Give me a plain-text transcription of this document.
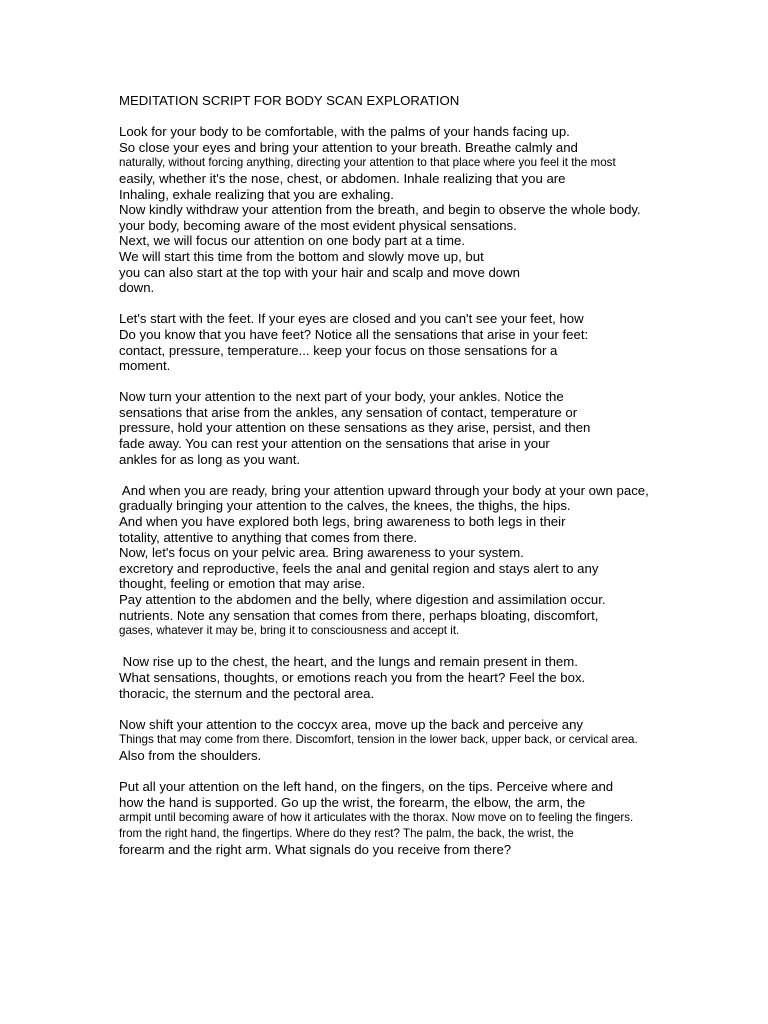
MEDITATION SCRIPT FOR BODY SCAN EXPLORATION
Look for your body to be comfortable, with the palms of your hands facing up.
So close your eyes and bring your attention to your breath. Breathe calmly and
naturally, without forcing anything, directing your attention to that place where you feel it the most
easily, whether it's the nose, chest, or abdomen. Inhale realizing that you are
Inhaling, exhale realizing that you are exhaling.
Now kindly withdraw your attention from the breath, and begin to observe the whole body.
your body, becoming aware of the most evident physical sensations.
Next, we will focus our attention on one body part at a time.
We will start this time from the bottom and slowly move up, but
you can also start at the top with your hair and scalp and move down
down.
Let's start with the feet. If your eyes are closed and you can't see your feet, how
Do you know that you have feet? Notice all the sensations that arise in your feet:
contact, pressure, temperature... keep your focus on those sensations for a
moment.
Now turn your attention to the next part of your body, your ankles. Notice the
sensations that arise from the ankles, any sensation of contact, temperature or
pressure, hold your attention on these sensations as they arise, persist, and then
fade away. You can rest your attention on the sensations that arise in your
ankles for as long as you want.
And when you are ready, bring your attention upward through your body at your own pace,
gradually bringing your attention to the calves, the knees, the thighs, the hips.
And when you have explored both legs, bring awareness to both legs in their
totality, attentive to anything that comes from there.
Now, let's focus on your pelvic area. Bring awareness to your system.
excretory and reproductive, feels the anal and genital region and stays alert to any
thought, feeling or emotion that may arise.
Pay attention to the abdomen and the belly, where digestion and assimilation occur.
nutrients. Note any sensation that comes from there, perhaps bloating, discomfort,
gases, whatever it may be, bring it to consciousness and accept it.
Now rise up to the chest, the heart, and the lungs and remain present in them.
What sensations, thoughts, or emotions reach you from the heart? Feel the box.
thoracic, the sternum and the pectoral area.
Now shift your attention to the coccyx area, move up the back and perceive any
Things that may come from there. Discomfort, tension in the lower back, upper back, or cervical area.
Also from the shoulders.
Put all your attention on the left hand, on the fingers, on the tips. Perceive where and
how the hand is supported. Go up the wrist, the forearm, the elbow, the arm, the
armpit until becoming aware of how it articulates with the thorax. Now move on to feeling the fingers.
from the right hand, the fingertips. Where do they rest? The palm, the back, the wrist, the
forearm and the right arm. What signals do you receive from there?
